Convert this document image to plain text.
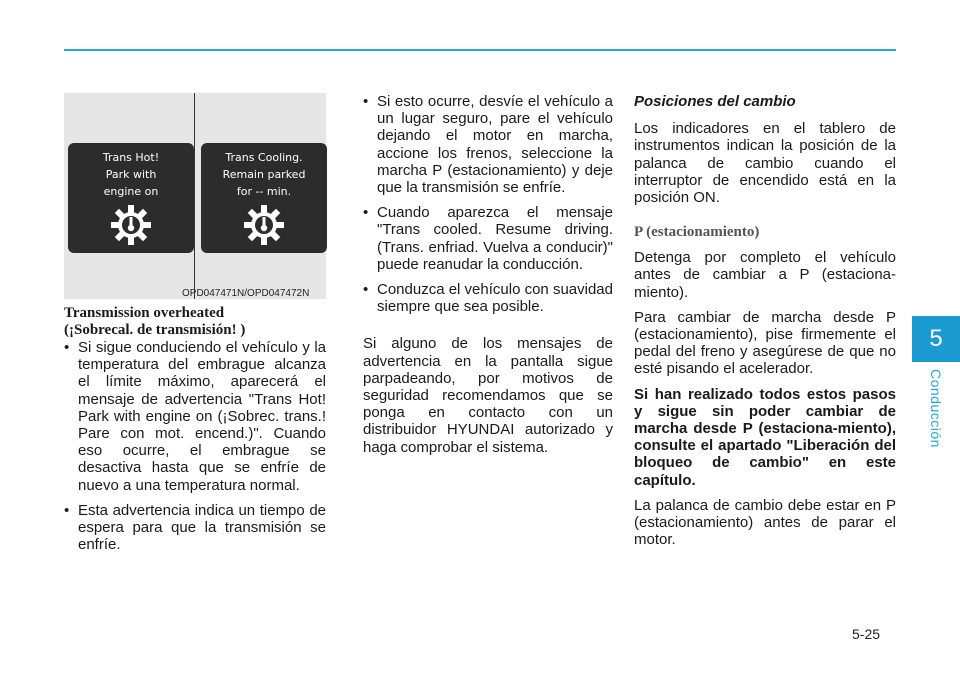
5
Conducción
5-25
Trans Hot!
Park with
engine on
Trans Cooling.
Remain parked
for -- min.
OPD047471N/OPD047472N
Transmission overheated
(¡Sobrecal. de transmisión! )
• Si sigue conduciendo el vehículo y la temperatura del embrague alcanza el límite máximo, aparecerá el mensaje de advertencia "Trans Hot! Park with engine on (¡Sobrec. trans.! Pare con mot. encend.)". Cuando eso ocurre, el embrague se desactiva hasta que se enfríe de nuevo a una temperatura normal.
• Esta advertencia indica un tiempo de espera para que la transmisión se enfríe.
• Si esto ocurre, desvíe el vehículo a un lugar seguro, pare el vehículo dejando el motor en marcha, accione los frenos, seleccione la marcha P (estacionamiento) y deje que la transmisión se enfríe.
• Cuando aparezca el mensaje "Trans cooled. Resume driving. (Trans. enfriad. Vuelva a conducir)" puede reanudar la conducción.
• Conduzca el vehículo con suavidad siempre que sea posible.

Si alguno de los mensajes de advertencia en la pantalla sigue parpadeando, por motivos de seguridad recomendamos que se ponga en contacto con un distribuidor HYUNDAI autorizado y haga comprobar el sistema.

Posiciones del cambio

Los indicadores en el tablero de instrumentos indican la posición de la palanca de cambio cuando el interruptor de encendido está en la posición ON.

P (estacionamiento)

Detenga por completo el vehículo antes de cambiar a P (estaciona-miento).

Para cambiar de marcha desde P (estacionamiento), pise firmemente el pedal del freno y asegúrese de que no esté pisando el acelerador.

Si han realizado todos estos pasos y sigue sin poder cambiar de marcha desde P (estaciona-miento), consulte el apartado "Liberación del bloqueo de cambio" en este capítulo.

La palanca de cambio debe estar en P (estacionamiento) antes de parar el motor.
